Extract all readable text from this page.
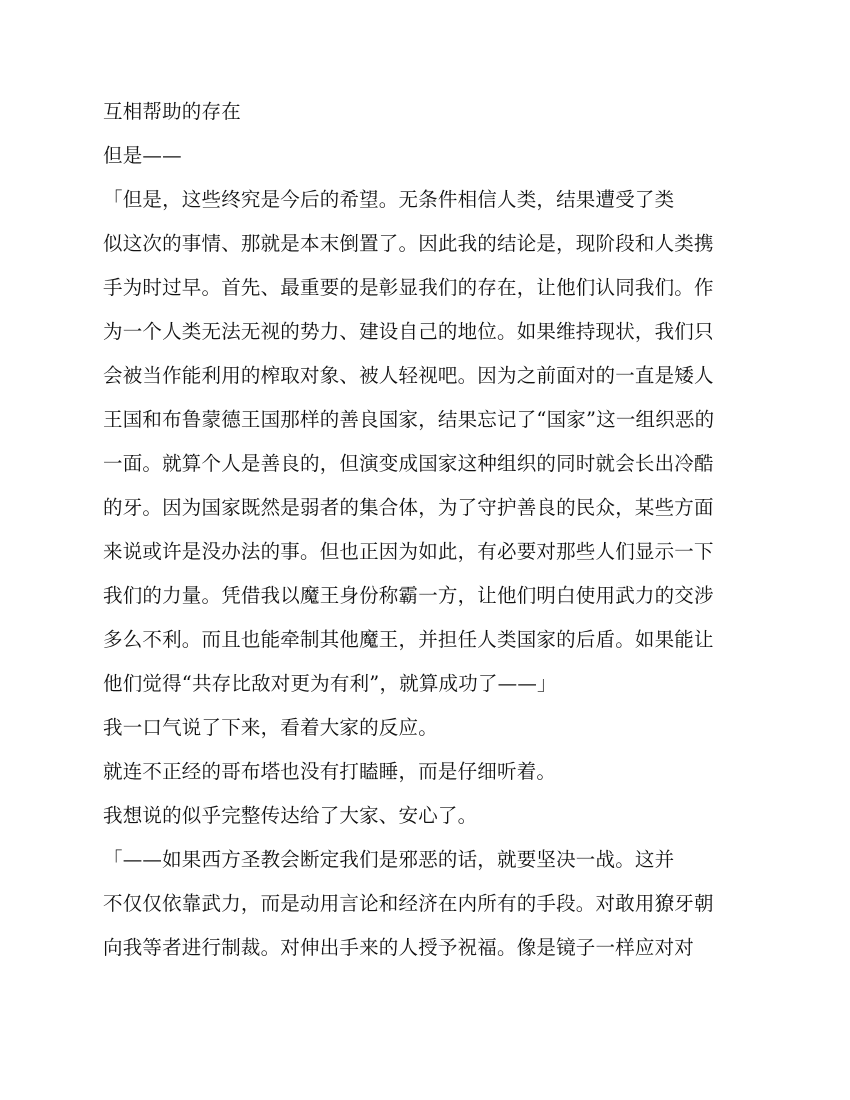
互相帮助的存在
但是——
「但是，这些终究是今后的希望。无条件相信人类，结果遭受了类
似这次的事情、那就是本末倒置了。因此我的结论是，现阶段和人类携
手为时过早。首先、最重要的是彰显我们的存在，让他们认同我们。作
为一个人类无法无视的势力、建设自己的地位。如果维持现状，我们只
会被当作能利用的榨取对象、被人轻视吧。因为之前面对的一直是矮人
王国和布鲁蒙德王国那样的善良国家，结果忘记了“国家”这一组织恶的
一面。就算个人是善良的，但演变成国家这种组织的同时就会长出冷酷
的牙。因为国家既然是弱者的集合体，为了守护善良的民众，某些方面
来说或许是没办法的事。但也正因为如此，有必要对那些人们显示一下
我们的力量。凭借我以魔王身份称霸一方，让他们明白使用武力的交涉
多么不利。而且也能牵制其他魔王，并担任人类国家的后盾。如果能让
他们觉得“共存比敌对更为有利”，就算成功了——」
我一口气说了下来，看着大家的反应。
就连不正经的哥布塔也没有打瞌睡，而是仔细听着。
我想说的似乎完整传达给了大家、安心了。
「——如果西方圣教会断定我们是邪恶的话，就要坚决一战。这并
不仅仅依靠武力，而是动用言论和经济在内所有的手段。对敢用獠牙朝
向我等者进行制裁。对伸出手来的人授予祝福。像是镜子一样应对对
